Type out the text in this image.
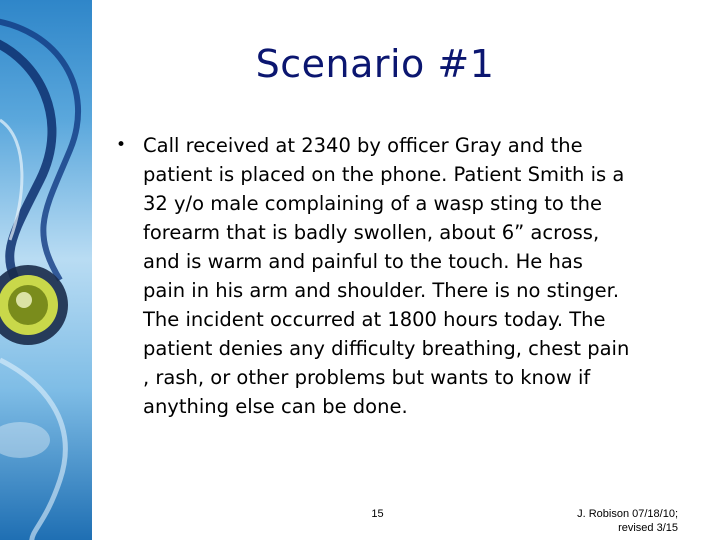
Scenario #1
• Call received at 2340 by officer Gray and the
patient is placed on the phone. Patient Smith is a
32 y/o male complaining of a wasp sting to the
forearm that is badly swollen, about 6” across,
and is warm and painful to the touch. He has
pain in his arm and shoulder. There is no stinger.
The incident occurred at 1800 hours today. The
patient denies any difficulty breathing, chest pain
, rash, or other problems but wants to know if
anything else can be done.
15	J. Robison 07/18/10;
revised 3/15
